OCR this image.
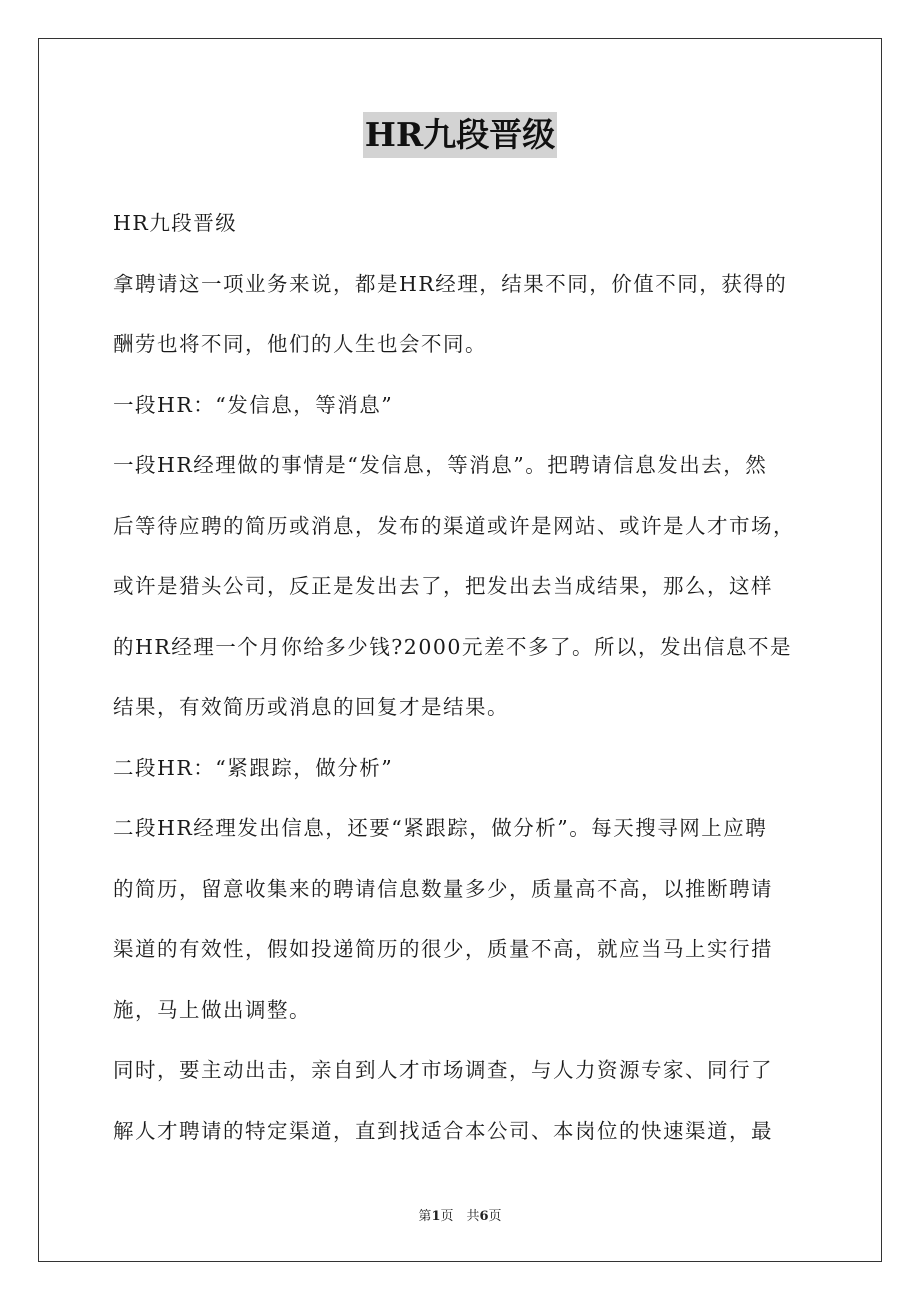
HR九段晋级

HR九段晋级

拿聘请这一项业务来说，都是HR经理，结果不同，价值不同，获得的

酬劳也将不同，他们的人生也会不同。

一段HR：“发信息，等消息”

一段HR经理做的事情是“发信息，等消息”。把聘请信息发出去，然

后等待应聘的简历或消息，发布的渠道或许是网站、或许是人才市场，

或许是猎头公司，反正是发出去了，把发出去当成结果，那么，这样

的HR经理一个月你给多少钱?2000元差不多了。所以，发出信息不是

结果，有效简历或消息的回复才是结果。

二段HR：“紧跟踪，做分析”

二段HR经理发出信息，还要“紧跟踪，做分析”。每天搜寻网上应聘

的简历，留意收集来的聘请信息数量多少，质量高不高，以推断聘请

渠道的有效性，假如投递简历的很少，质量不高，就应当马上实行措

施，马上做出调整。

同时，要主动出击，亲自到人才市场调查，与人力资源专家、同行了

解人才聘请的特定渠道，直到找适合本公司、本岗位的快速渠道，最

第1页　共6页
